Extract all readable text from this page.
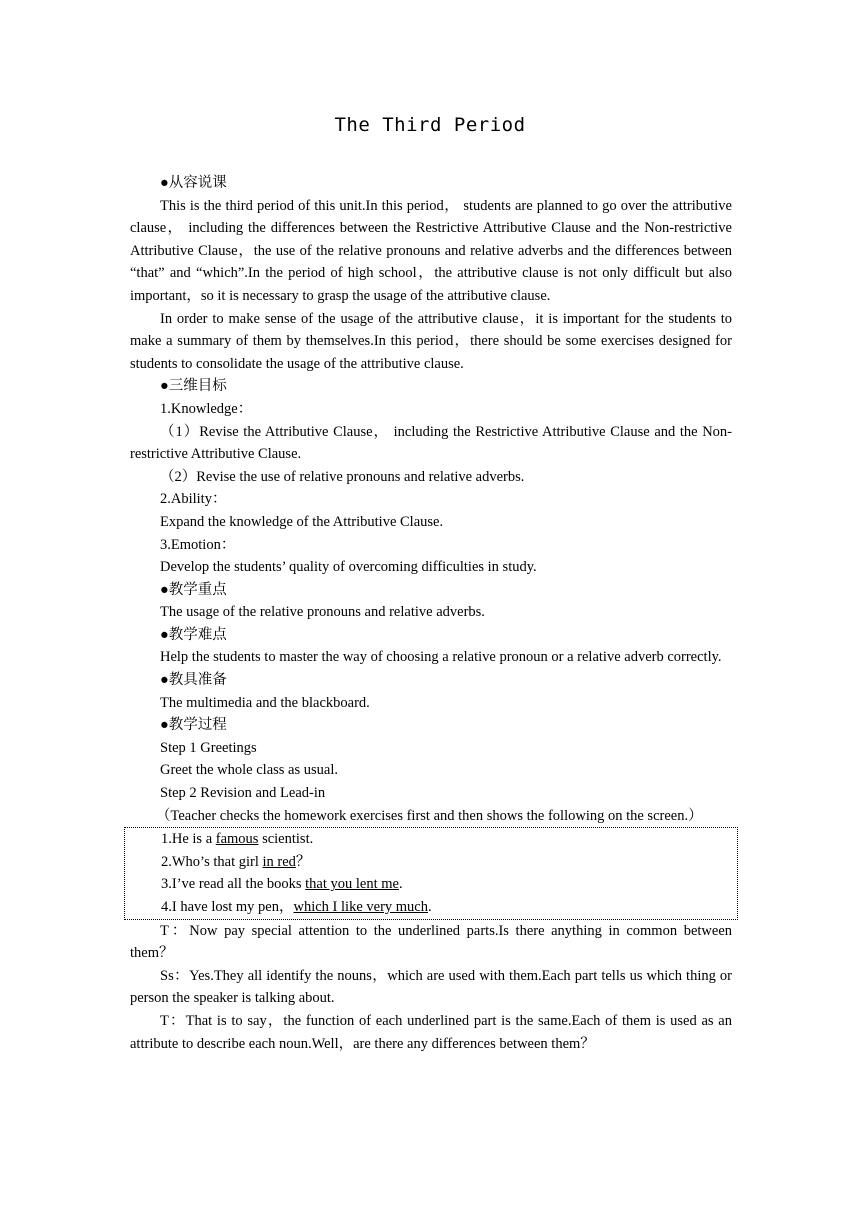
The Third Period

●从容说课

This is the third period of this unit.In this period， students are planned to go over the attributive clause， including the differences between the Restrictive Attributive Clause and the Non-restrictive Attributive Clause，the use of the relative pronouns and relative adverbs and the differences between “that” and “which”.In the period of high school，the attributive clause is not only difficult but also important，so it is necessary to grasp the usage of the attributive clause.

In order to make sense of the usage of the attributive clause，it is important for the students to make a summary of them by themselves.In this period，there should be some exercises designed for students to consolidate the usage of the attributive clause.

●三维目标

1.Knowledge：

（1）Revise the Attributive Clause， including the Restrictive Attributive Clause and the Non-restrictive Attributive Clause.

（2）Revise the use of relative pronouns and relative adverbs.

2.Ability：

Expand the knowledge of the Attributive Clause.

3.Emotion：

Develop the students’ quality of overcoming difficulties in study.

●教学重点

The usage of the relative pronouns and relative adverbs.

●教学难点

Help the students to master the way of choosing a relative pronoun or a relative adverb correctly.

●教具准备

The multimedia and the blackboard.

●教学过程

Step 1 Greetings

Greet the whole class as usual.

Step 2 Revision and Lead-in

（Teacher checks the homework exercises first and then shows the following on the screen.）

1.He is a famous scientist.

2.Who’s that girl in red？

3.I’ve read all the books that you lent me.

4.I have lost my pen，which I like very much.

T：Now pay special attention to the underlined parts.Is there anything in common between them？

Ss：Yes.They all identify the nouns，which are used with them.Each part tells us which thing or person the speaker is talking about.

T：That is to say，the function of each underlined part is the same.Each of them is used as an attribute to describe each noun.Well，are there any differences between them？
